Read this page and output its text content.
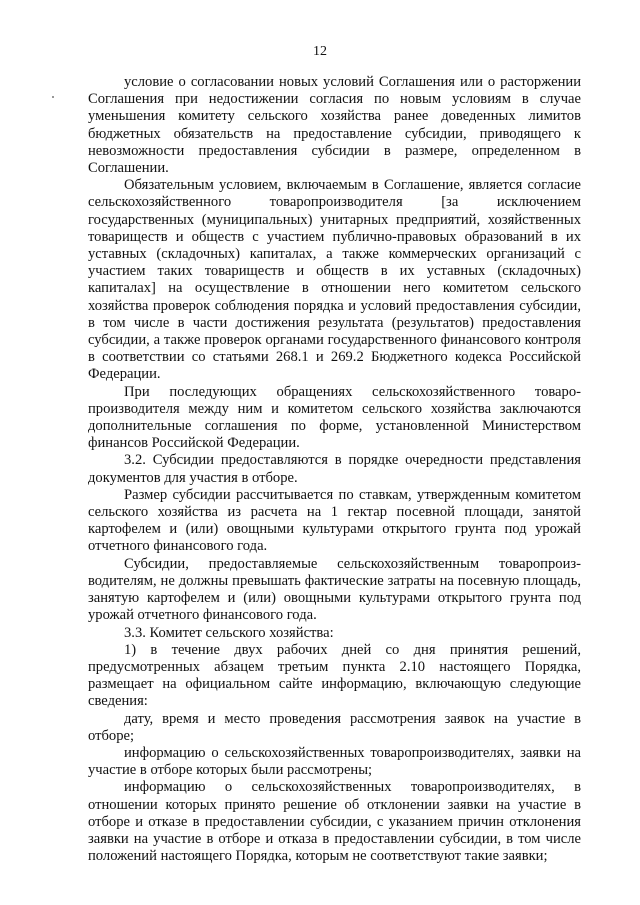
12

условие о согласовании новых условий Соглашения или о расторжении Соглашения при недостижении согласия по новым условиям в случае уменьшения комитету сельского хозяйства ранее доведенных лимитов бюджетных обязательств на предоставление субсидии, приводящего к невозможности предоставления субсидии в размере, определенном в Соглашении.

Обязательным условием, включаемым в Соглашение, является согласие сельскохозяйственного товаропроизводителя [за исключением государственных (муниципальных) унитарных предприятий, хозяйственных товариществ и обществ с участием публично-правовых образований в их уставных (складочных) капиталах, а также коммерческих организаций с участием таких товариществ и обществ в их уставных (складочных) капиталах] на осуществление в отношении него комитетом сельского хозяйства проверок соблюдения порядка и условий предоставления субсидии, в том числе в части достижения результата (результатов) предоставления субсидии, а также проверок органами государственного финансового контроля в соответствии со статьями 268.1 и 269.2 Бюджетного кодекса Российской Федерации.

При последующих обращениях сельскохозяйственного товаро-производителя между ним и комитетом сельского хозяйства заключаются дополнительные соглашения по форме, установленной Министерством финансов Российской Федерации.

3.2. Субсидии предоставляются в порядке очередности представления документов для участия в отборе.

Размер субсидии рассчитывается по ставкам, утвержденным комитетом сельского хозяйства из расчета на 1 гектар посевной площади, занятой картофелем и (или) овощными культурами открытого грунта под урожай отчетного финансового года.

Субсидии, предоставляемые сельскохозяйственным товаропроиз-водителям, не должны превышать фактические затраты на посевную площадь, занятую картофелем и (или) овощными культурами открытого грунта под урожай отчетного финансового года.

3.3. Комитет сельского хозяйства:

1) в течение двух рабочих дней со дня принятия решений, предусмотренных абзацем третьим пункта 2.10 настоящего Порядка, размещает на официальном сайте информацию, включающую следующие сведения:

дату, время и место проведения рассмотрения заявок на участие в отборе;

информацию о сельскохозяйственных товаропроизводителях, заявки на участие в отборе которых были рассмотрены;

информацию о сельскохозяйственных товаропроизводителях, в отношении которых принято решение об отклонении заявки на участие в отборе и отказе в предоставлении субсидии, с указанием причин отклонения заявки на участие в отборе и отказа в предоставлении субсидии, в том числе положений настоящего Порядка, которым не соответствуют такие заявки;
